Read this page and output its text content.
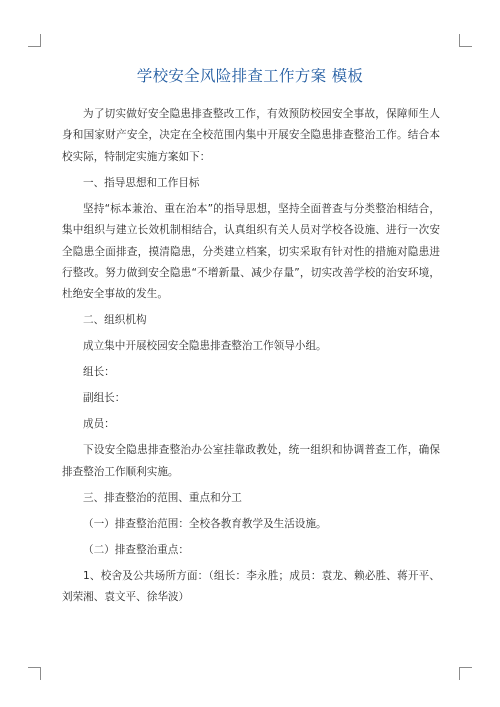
学校安全风险排查工作方案 模板

为了切实做好安全隐患排查整改工作，有效预防校园安全事故，保障师生人身和国家财产安全，决定在全校范围内集中开展安全隐患排查整治工作。结合本校实际，特制定实施方案如下：

一、指导思想和工作目标

坚持“标本兼治、重在治本”的指导思想，坚持全面普查与分类整治相结合，集中组织与建立长效机制相结合，认真组织有关人员对学校各设施、进行一次安全隐患全面排查，摸清隐患，分类建立档案，切实采取有针对性的措施对隐患进行整改。努力做到安全隐患“不增新量、减少存量”，切实改善学校的治安环境，杜绝安全事故的发生。

二、组织机构

成立集中开展校园安全隐患排查整治工作领导小组。

组长：

副组长：

成员：

下设安全隐患排查整治办公室挂靠政教处，统一组织和协调普查工作，确保排查整治工作顺利实施。

三、排查整治的范围、重点和分工

（一）排查整治范围：全校各教育教学及生活设施。

（二）排查整治重点：

1、校舍及公共场所方面：（组长：李永胜；成员：袁龙、赖必胜、蒋开平、刘荣湘、袁文平、徐华波）
